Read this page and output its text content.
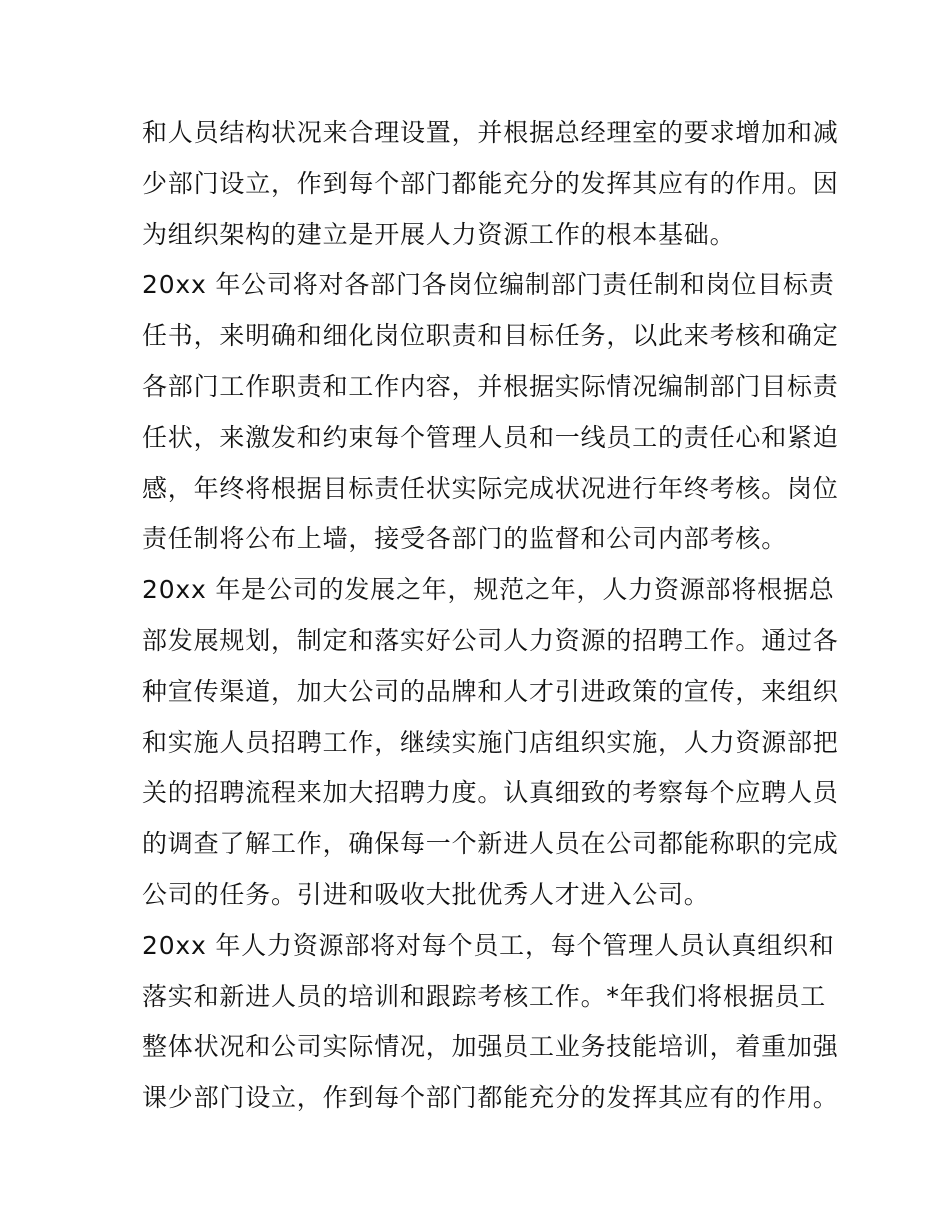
和人员结构状况来合理设置，并根据总经理室的要求增加和减
少部门设立，作到每个部门都能充分的发挥其应有的作用。因
为组织架构的建立是开展人力资源工作的根本基础。
20xx 年公司将对各部门各岗位编制部门责任制和岗位目标责
任书，来明确和细化岗位职责和目标任务，以此来考核和确定
各部门工作职责和工作内容，并根据实际情况编制部门目标责
任状，来激发和约束每个管理人员和一线员工的责任心和紧迫
感，年终将根据目标责任状实际完成状况进行年终考核。岗位
责任制将公布上墙，接受各部门的监督和公司内部考核。
20xx 年是公司的发展之年，规范之年，人力资源部将根据总
部发展规划，制定和落实好公司人力资源的招聘工作。通过各
种宣传渠道，加大公司的品牌和人才引进政策的宣传，来组织
和实施人员招聘工作，继续实施门店组织实施，人力资源部把
关的招聘流程来加大招聘力度。认真细致的考察每个应聘人员
的调查了解工作，确保每一个新进人员在公司都能称职的完成
公司的任务。引进和吸收大批优秀人才进入公司。
20xx 年人力资源部将对每个员工，每个管理人员认真组织和
落实和新进人员的培训和跟踪考核工作。*年我们将根据员工
整体状况和公司实际情况，加强员工业务技能培训，着重加强
课少部门设立，作到每个部门都能充分的发挥其应有的作用。
